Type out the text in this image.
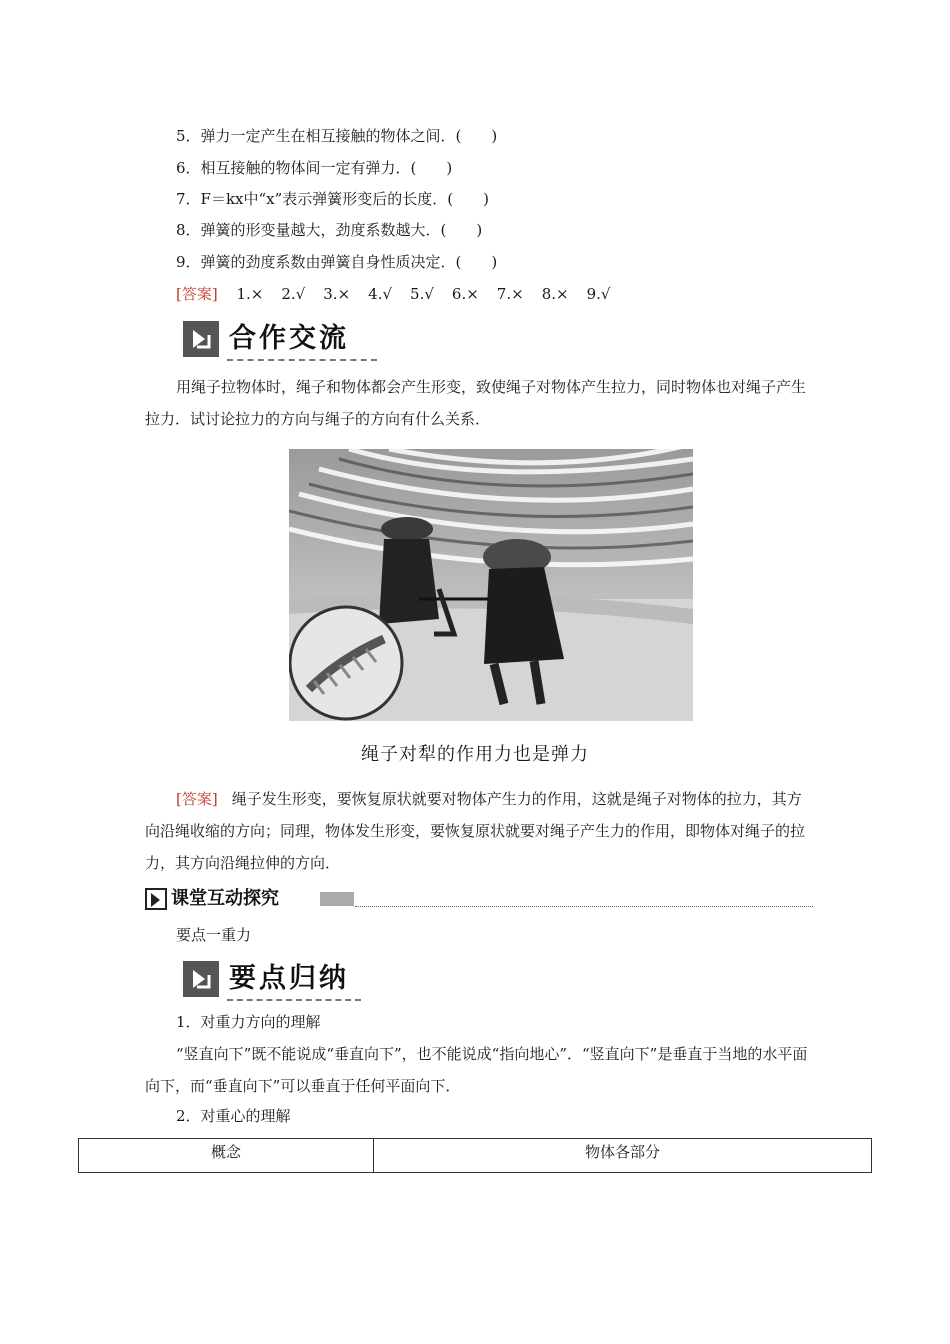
5．弹力一定产生在相互接触的物体之间．(　　)
6．相互接触的物体间一定有弹力．(　　)
7．F＝kx中“x”表示弹簧形变后的长度．(　　)
8．弹簧的形变量越大，劲度系数越大．(　　)
9．弹簧的劲度系数由弹簧自身性质决定．(　　)
[答案] 1.× 2.√ 3.× 4.√ 5.√ 6.× 7.× 8.× 9.√
合作交流
用绳子拉物体时，绳子和物体都会产生形变，致使绳子对物体产生拉力，同时物体也对绳子产生拉力．试讨论拉力的方向与绳子的方向有什么关系．
绳子对犁的作用力也是弹力
[答案] 绳子发生形变，要恢复原状就要对物体产生力的作用，这就是绳子对物体的拉力，其方向沿绳收缩的方向；同理，物体发生形变，要恢复原状就要对绳子产生力的作用，即物体对绳子的拉力，其方向沿绳拉伸的方向．
课堂互动探究
要点一重力
要点归纳
1．对重力方向的理解
“竖直向下”既不能说成“垂直向下”，也不能说成“指向地心”．“竖直向下”是垂直于当地的水平面向下，而“垂直向下”可以垂直于任何平面向下．
2．对重心的理解
概念	物体各部分
